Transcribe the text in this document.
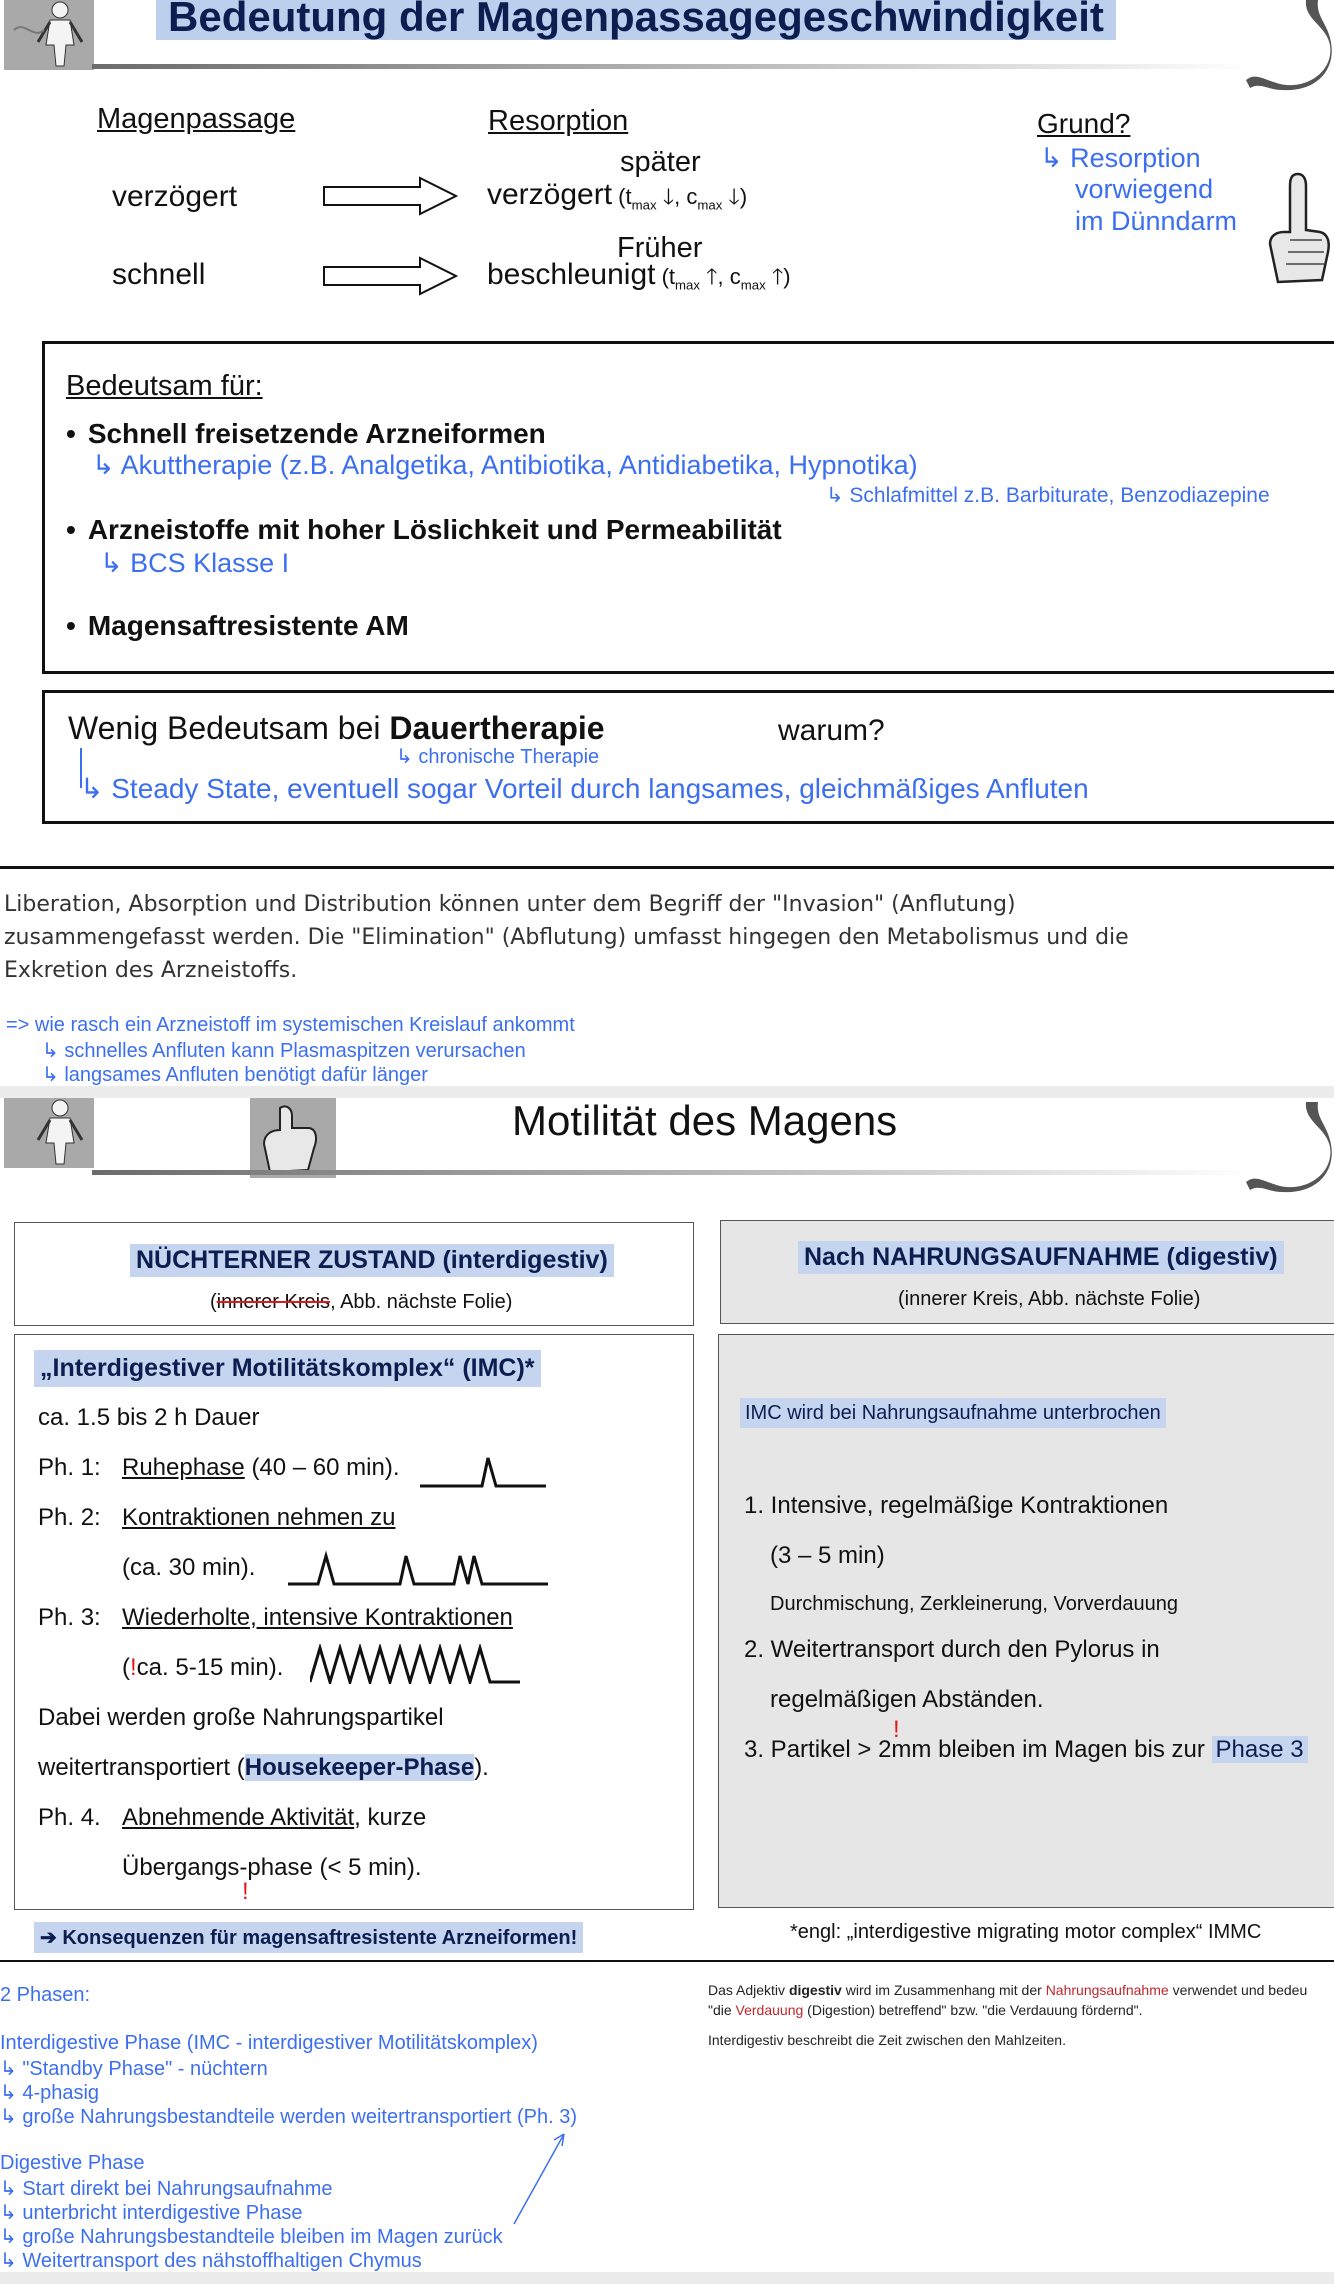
Bedeutung der Magenpassagegeschwindigkeit
Magenpassage	Resorption
später
verzögert	verzögert ($t_{max}$ 🡓, $c_{max}$ 🡓)
Früher
schnell	beschleunigt ($t_{max}$ 🡑, $c_{max}$ 🡑)
Grund?
↳ Resorption
vorwiegend
im Dünndarm
Bedeutsam für:
• Schnell freisetzende Arzneiformen
↳ Akuttherapie (z.B. Analgetika, Antibiotika, Antidiabetika, Hypnotika)
↳ Schlafmittel z.B. Barbiturate, Benzodiazepine
• Arzneistoffe mit hoher Löslichkeit und Permeabilität
↳ BCS Klasse I
• Magensaftresistente AM
Wenig Bedeutsam bei Dauertherapie	warum?
↳ chronische Therapie
↳ Steady State, eventuell sogar Vorteil durch langsames, gleichmäßiges Anfluten
Liberation, Absorption und Distribution können unter dem Begriff der "Invasion" (Anflutung)
zusammengefasst werden. Die "Elimination" (Abflutung) umfasst hingegen den Metabolismus und die
Exkretion des Arzneistoffs.
=> wie rasch ein Arzneistoff im systemischen Kreislauf ankommt
↳ schnelles Anfluten kann Plasmaspitzen verursachen
↳ langsames Anfluten benötigt dafür länger
Motilität des Magens
NÜCHTERNER ZUSTAND (interdigestiv)
(innerer Kreis, Abb. nächste Folie)
Nach NAHRUNGSAUFNAHME (digestiv)
(innerer Kreis, Abb. nächste Folie)
„Interdigestiver Motilitätskomplex“ (IMC)*
ca. 1.5 bis 2 h Dauer
Ph. 1: Ruhephase (40 – 60 min).
Ph. 2: Kontraktionen nehmen zu
(ca. 30 min).
Ph. 3: Wiederholte, intensive Kontraktionen
(!ca. 5-15 min).
Dabei werden große Nahrungspartikel
weitertransportiert (Housekeeper-Phase).
Ph. 4. Abnehmende Aktivität, kurze
Übergangs-phase (< 5 min).
!
➔ Konsequenzen für magensaftresistente Arzneiformen!
IMC wird bei Nahrungsaufnahme unterbrochen
1. Intensive, regelmäßige Kontraktionen
(3 – 5 min)
Durchmischung, Zerkleinerung, Vorverdauung
2. Weitertransport durch den Pylorus in
regelmäßigen Abständen.
!
3. Partikel > 2mm bleiben im Magen bis zur Phase 3
*engl: „interdigestive migrating motor complex“ IMMC
2 Phasen:
Interdigestive Phase (IMC - interdigestiver Motilitätskomplex)
↳ "Standby Phase" - nüchtern
↳ 4-phasig
↳ große Nahrungsbestandteile werden weitertransportiert (Ph. 3)
Digestive Phase
↳ Start direkt bei Nahrungsaufnahme
↳ unterbricht interdigestive Phase
↳ große Nahrungsbestandteile bleiben im Magen zurück
↳ Weitertransport des nähstoffhaltigen Chymus
Das Adjektiv digestiv wird im Zusammenhang mit der Nahrungsaufnahme verwendet und bedeu
"die Verdauung (Digestion) betreffend" bzw. "die Verdauung fördernd".
Interdigestiv beschreibt die Zeit zwischen den Mahlzeiten.
